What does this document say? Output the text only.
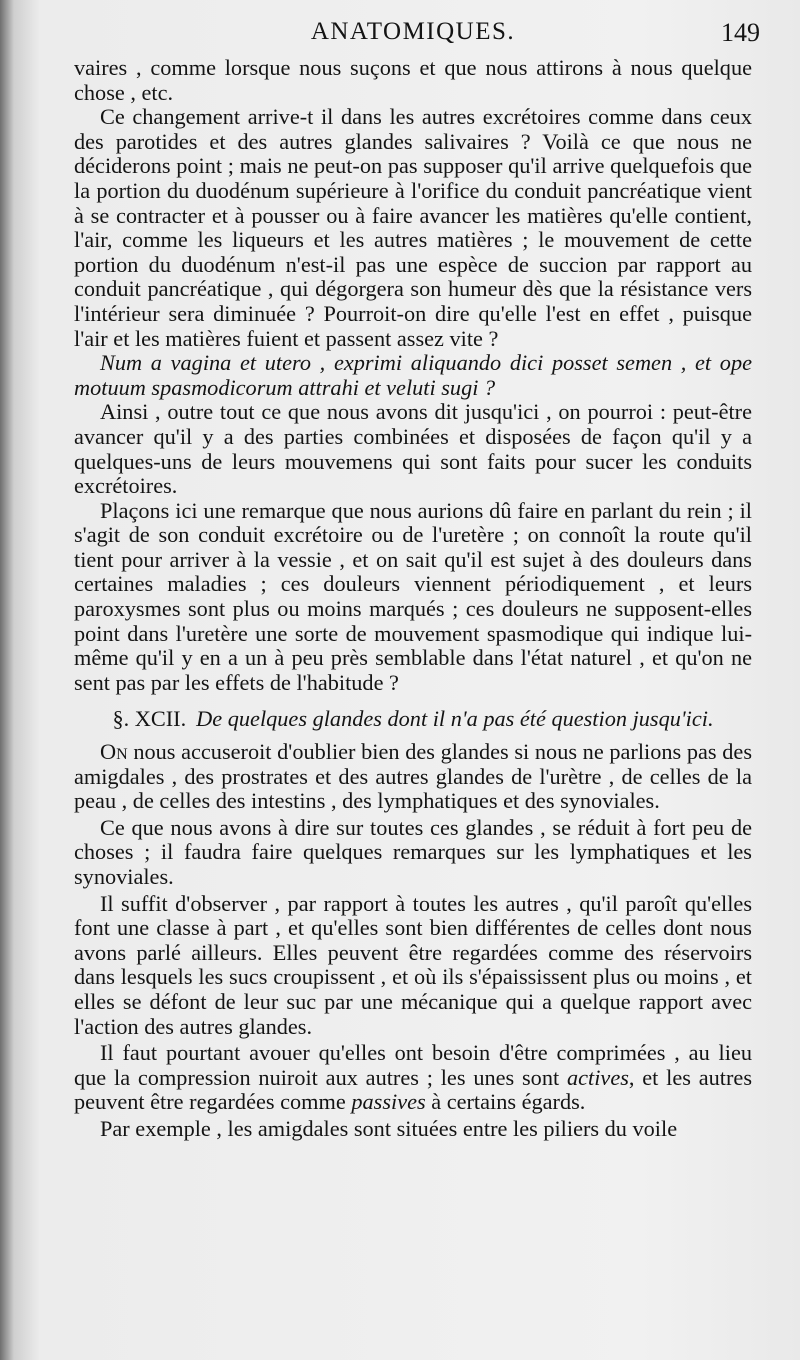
ANATOMIQUES.	149

vaires , comme lorsque nous suçons et que nous attirons à nous quelque chose , etc.

Ce changement arrive-t il dans les autres excrétoires comme dans ceux des parotides et des autres glandes salivaires ? Voilà ce que nous ne déciderons point ; mais ne peut-on pas supposer qu'il arrive quelquefois que la portion du duodénum supérieure à l'orifice du conduit pancréatique vient à se contracter et à pousser ou à faire avancer les matières qu'elle contient, l'air, comme les liqueurs et les autres matières ; le mouvement de cette portion du duodénum n'est-il pas une espèce de succion par rapport au conduit pancréatique , qui dégorgera son humeur dès que la résistance vers l'intérieur sera diminuée ? Pourroit-on dire qu'elle l'est en effet , puisque l'air et les matières fuient et passent assez vite ?

Num a vagina et utero , exprimi aliquando dici posset semen , et ope motuum spasmodicorum attrahi et veluti sugi ?

Ainsi , outre tout ce que nous avons dit jusqu'ici , on pourroi : peut-être avancer qu'il y a des parties combinées et disposées de façon qu'il y a quelques-uns de leurs mouvemens qui sont faits pour sucer les conduits excrétoires.

Plaçons ici une remarque que nous aurions dû faire en parlant du rein ; il s'agit de son conduit excrétoire ou de l'uretère ; on connoît la route qu'il tient pour arriver à la vessie , et on sait qu'il est sujet à des douleurs dans certaines maladies ; ces douleurs viennent périodiquement , et leurs paroxysmes sont plus ou moins marqués ; ces douleurs ne supposent-elles point dans l'uretère une sorte de mouvement spasmodique qui indique lui-même qu'il y en a un à peu près semblable dans l'état naturel , et qu'on ne sent pas par les effets de l'habitude ?

§. XCII. De quelques glandes dont il n'a pas été question jusqu'ici.

On nous accuseroit d'oublier bien des glandes si nous ne parlions pas des amigdales , des prostrates et des autres glandes de l'urètre , de celles de la peau , de celles des intestins , des lymphatiques et des synoviales.

Ce que nous avons à dire sur toutes ces glandes , se réduit à fort peu de choses ; il faudra faire quelques remarques sur les lymphatiques et les synoviales.

Il suffit d'observer , par rapport à toutes les autres , qu'il paroît qu'elles font une classe à part , et qu'elles sont bien différentes de celles dont nous avons parlé ailleurs. Elles peuvent être regardées comme des réservoirs dans lesquels les sucs croupissent , et où ils s'épaississent plus ou moins , et elles se défont de leur suc par une mécanique qui a quelque rapport avec l'action des autres glandes.

Il faut pourtant avouer qu'elles ont besoin d'être comprimées , au lieu que la compression nuiroit aux autres ; les unes sont actives, et les autres peuvent être regardées comme passives à certains égards.

Par exemple , les amigdales sont situées entre les piliers du voile
